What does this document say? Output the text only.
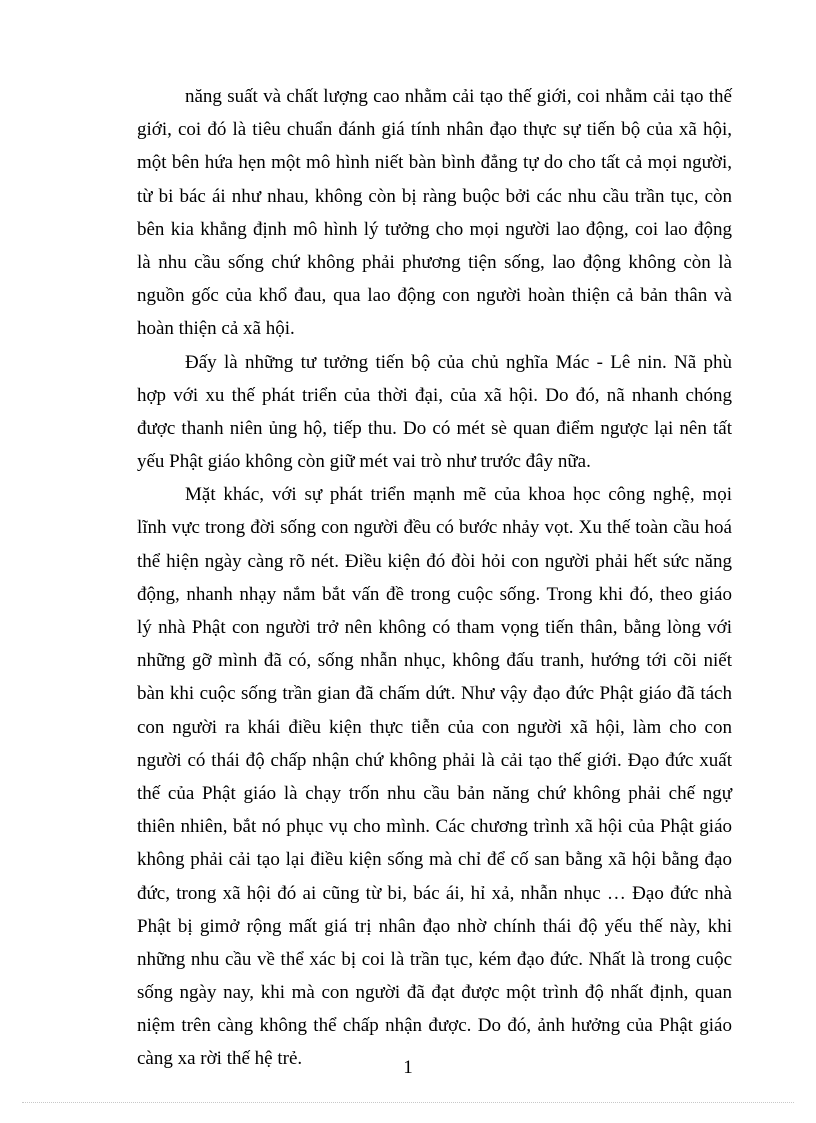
năng suất và chất lượng cao nhằm cải tạo thế giới, coi nhằm cải tạo thế
giới, coi đó là tiêu chuẩn đánh giá tính nhân đạo thực sự tiến bộ của xã hội,
một bên hứa hẹn một mô hình niết bàn bình đẳng tự do cho tất cả mọi người,
từ bi bác ái như nhau, không còn bị ràng buộc bởi các nhu cầu trần tục, còn
bên kia khẳng định mô hình lý tưởng cho mọi người lao động, coi lao động
là nhu cầu sống chứ không phải phương tiện sống, lao động không còn là
nguồn gốc của khổ đau, qua lao động con người hoàn thiện cả bản thân và
hoàn thiện cả xã hội.
Đấy là những tư tưởng tiến bộ của chủ nghĩa Mác - Lê nin. Nã phù
hợp với xu thế phát triển của thời đại, của xã hội. Do đó, nã nhanh chóng
được thanh niên ủng hộ, tiếp thu. Do có mét sè quan điểm ngược lại nên tất
yếu Phật giáo không còn giữ mét vai trò như trước đây nữa.
Mặt khác, với sự phát triển mạnh mẽ của khoa học công nghệ, mọi
lĩnh vực trong đời sống con người đều có bước nhảy vọt. Xu thế toàn cầu hoá
thể hiện ngày càng rõ nét. Điều kiện đó đòi hỏi con người phải hết sức năng
động, nhanh nhạy nắm bắt vấn đề trong cuộc sống. Trong khi đó, theo giáo
lý nhà Phật con người trở nên không có tham vọng tiến thân, bằng lòng với
những gỡ mình đã có, sống nhẫn nhục, không đấu tranh, hướng tới cõi niết
bàn khi cuộc sống trần gian đã chấm dứt. Như vậy đạo đức Phật giáo đã tách
con người ra khái điều kiện thực tiễn của con người xã hội, làm cho con
người có thái độ chấp nhận chứ không phải là cải tạo thế giới. Đạo đức xuất
thế của Phật giáo là chạy trốn nhu cầu bản năng chứ không phải chế ngự
thiên nhiên, bắt nó phục vụ cho mình. Các chương trình xã hội của Phật giáo
không phải cải tạo lại điều kiện sống mà chỉ để cố san bằng xã hội bằng đạo
đức, trong xã hội đó ai cũng từ bi, bác ái, hỉ xả, nhẫn nhục … Đạo đức nhà
Phật bị gimở rộng mất giá trị nhân đạo nhờ chính thái độ yếu thế này, khi
những nhu cầu về thể xác bị coi là trần tục, kém đạo đức. Nhất là trong cuộc
sống ngày nay, khi mà con người đã đạt được một trình độ nhất định, quan
niệm trên càng không thể chấp nhận được. Do đó, ảnh hưởng của Phật giáo
càng xa rời thế hệ trẻ.	1
